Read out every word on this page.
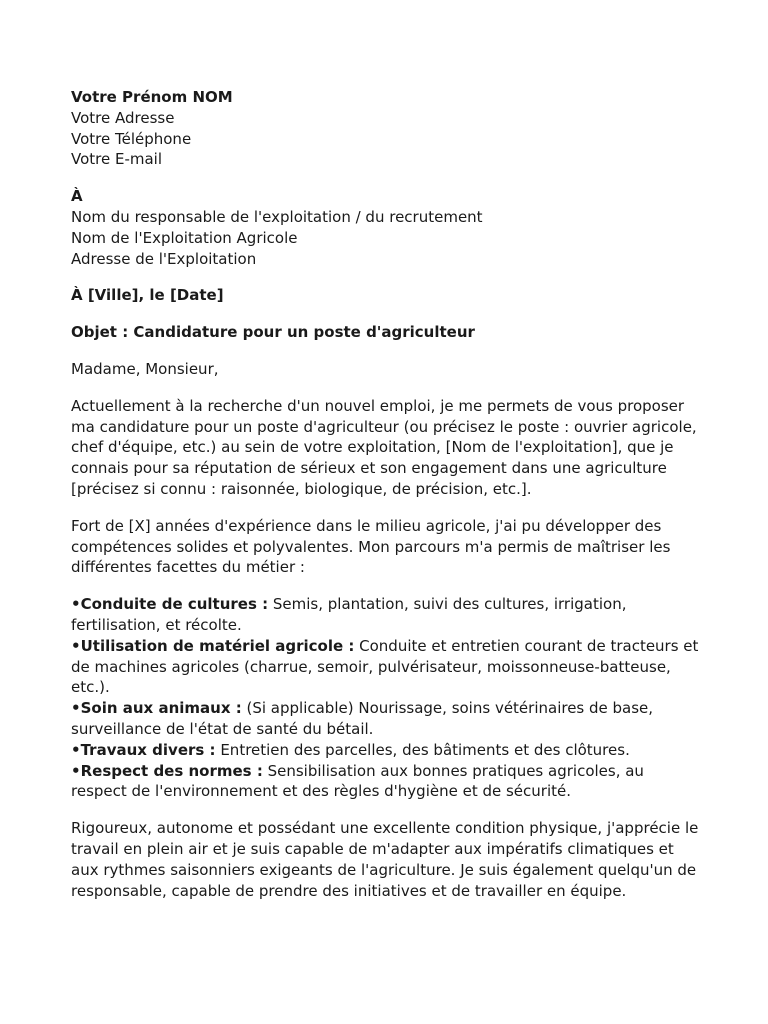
Votre Prénom NOM

Votre Adresse

Votre Téléphone

Votre E-mail

À

Nom du responsable de l'exploitation / du recrutement

Nom de l'Exploitation Agricole

Adresse de l'Exploitation

À [Ville], le [Date]

Objet : Candidature pour un poste d'agriculteur

Madame, Monsieur,

Actuellement à la recherche d'un nouvel emploi, je me permets de vous proposer ma candidature pour un poste d'agriculteur (ou précisez le poste : ouvrier agricole, chef d'équipe, etc.) au sein de votre exploitation, [Nom de l'exploitation], que je connais pour sa réputation de sérieux et son engagement dans une agriculture [précisez si connu : raisonnée, biologique, de précision, etc.].

Fort de [X] années d'expérience dans le milieu agricole, j'ai pu développer des compétences solides et polyvalentes. Mon parcours m'a permis de maîtriser les différentes facettes du métier :

•Conduite de cultures : Semis, plantation, suivi des cultures, irrigation, fertilisation, et récolte.
•Utilisation de matériel agricole : Conduite et entretien courant de tracteurs et de machines agricoles (charrue, semoir, pulvérisateur, moissonneuse-batteuse, etc.).
•Soin aux animaux : (Si applicable) Nourissage, soins vétérinaires de base, surveillance de l'état de santé du bétail.
•Travaux divers : Entretien des parcelles, des bâtiments et des clôtures.
•Respect des normes : Sensibilisation aux bonnes pratiques agricoles, au respect de l'environnement et des règles d'hygiène et de sécurité.

Rigoureux, autonome et possédant une excellente condition physique, j'apprécie le travail en plein air et je suis capable de m'adapter aux impératifs climatiques et aux rythmes saisonniers exigeants de l'agriculture. Je suis également quelqu'un de responsable, capable de prendre des initiatives et de travailler en équipe.
